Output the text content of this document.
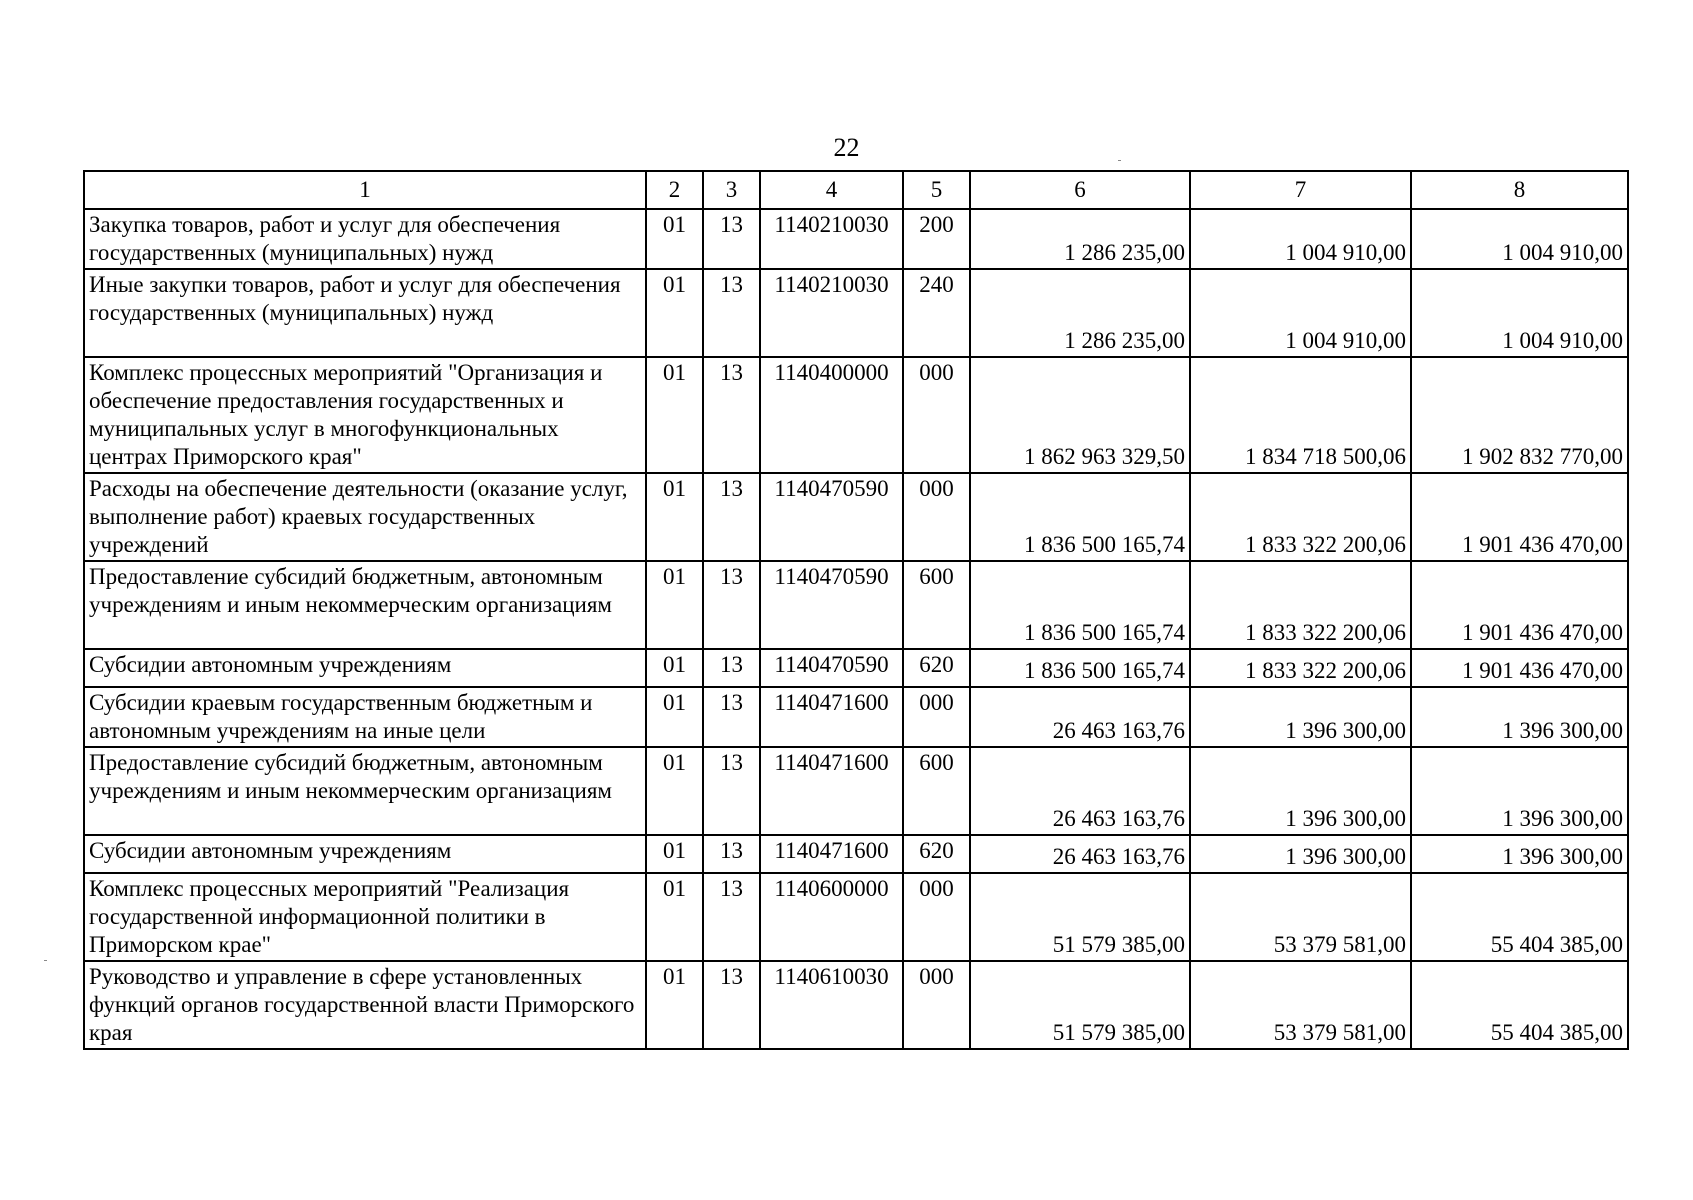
22
1	2	3	4	5	6	7	8
Закупка товаров, работ и услуг для обеспечения государственных (муниципальных) нужд	01	13	1140210030	200	1 286 235,00	1 004 910,00	1 004 910,00
Иные закупки товаров, работ и услуг для обеспечения государственных (муниципальных) нужд	01	13	1140210030	240	1 286 235,00	1 004 910,00	1 004 910,00
Комплекс процессных мероприятий "Организация и обеспечение предоставления государственных и муниципальных услуг в многофункциональных центрах Приморского края"	01	13	1140400000	000	1 862 963 329,50	1 834 718 500,06	1 902 832 770,00
Расходы на обеспечение деятельности (оказание услуг, выполнение работ) краевых государственных учреждений	01	13	1140470590	000	1 836 500 165,74	1 833 322 200,06	1 901 436 470,00
Предоставление субсидий бюджетным, автономным учреждениям и иным некоммерческим организациям	01	13	1140470590	600	1 836 500 165,74	1 833 322 200,06	1 901 436 470,00
Субсидии автономным учреждениям	01	13	1140470590	620	1 836 500 165,74	1 833 322 200,06	1 901 436 470,00
Субсидии краевым государственным бюджетным и автономным учреждениям на иные цели	01	13	1140471600	000	26 463 163,76	1 396 300,00	1 396 300,00
Предоставление субсидий бюджетным, автономным учреждениям и иным некоммерческим организациям	01	13	1140471600	600	26 463 163,76	1 396 300,00	1 396 300,00
Субсидии автономным учреждениям	01	13	1140471600	620	26 463 163,76	1 396 300,00	1 396 300,00
Комплекс процессных мероприятий "Реализация государственной информационной политики в Приморском крае"	01	13	1140600000	000	51 579 385,00	53 379 581,00	55 404 385,00
Руководство и управление в сфере установленных функций органов государственной власти Приморского края	01	13	1140610030	000	51 579 385,00	53 379 581,00	55 404 385,00
